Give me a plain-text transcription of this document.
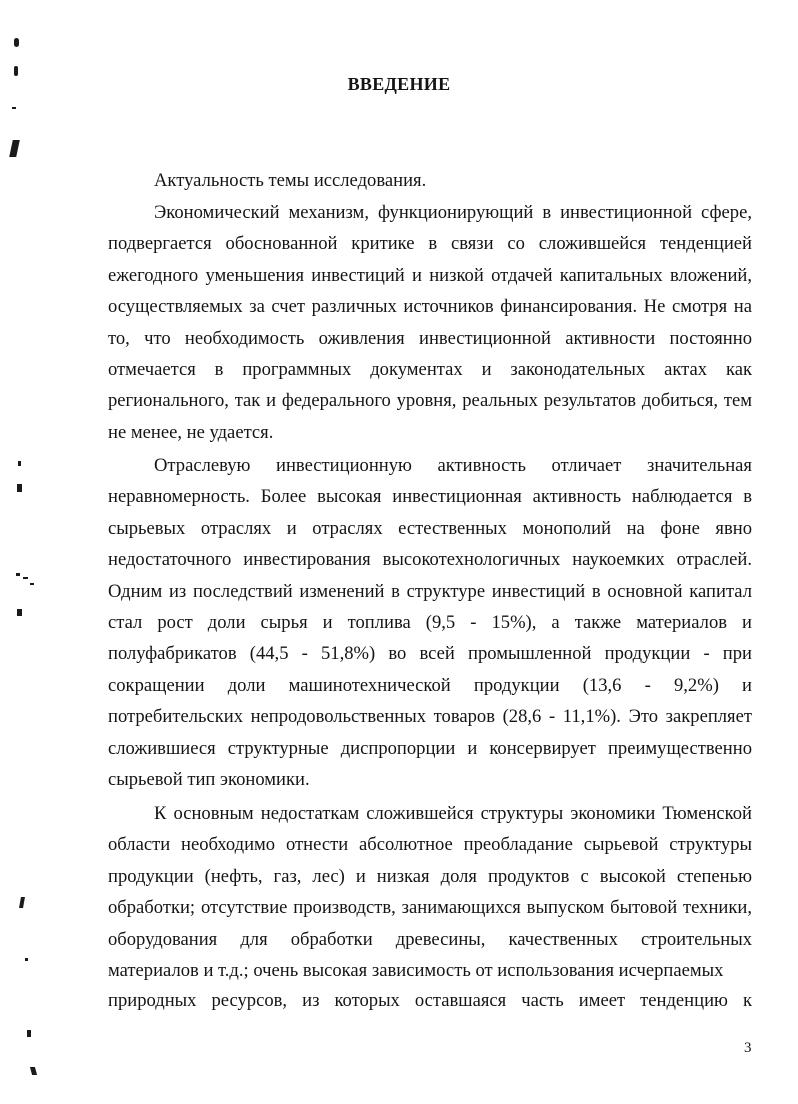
ВВЕДЕНИЕ

Актуальность темы исследования.

Экономический механизм, функционирующий в инвестиционной сфере, подвергается обоснованной критике в связи со сложившейся тенденцией ежегодного уменьшения инвестиций и низкой отдачей капитальных вложений, осуществляемых за счет различных источников финансирования. Не смотря на то, что необходимость оживления инвестиционной активности постоянно отмечается в программных документах и законодательных актах как регионального, так и федерального уровня, реальных результатов добиться, тем не менее, не удается.

Отраслевую инвестиционную активность отличает значительная неравномерность. Более высокая инвестиционная активность наблюдается в сырьевых отраслях и отраслях естественных монополий на фоне явно недостаточного инвестирования высокотехнологичных наукоемких отраслей. Одним из последствий изменений в структуре инвестиций в основной капитал стал рост доли сырья и топлива (9,5 - 15%), а также материалов и полуфабрикатов (44,5 - 51,8%) во всей промышленной продукции - при сокращении доли машинотехнической продукции (13,6 - 9,2%) и потребительских непродовольственных товаров (28,6 - 11,1%). Это закрепляет сложившиеся структурные диспропорции и консервирует преимущественно сырьевой тип экономики.

К основным недостаткам сложившейся структуры экономики Тюменской области необходимо отнести абсолютное преобладание сырьевой структуры продукции (нефть, газ, лес) и низкая доля продуктов с высокой степенью обработки; отсутствие производств, занимающихся выпуском бытовой техники, оборудования для обработки древесины, качественных строительных материалов и т.д.; очень высокая зависимость от использования исчерпаемых

природных ресурсов, из которых оставшаяся часть имеет тенденцию к

3
